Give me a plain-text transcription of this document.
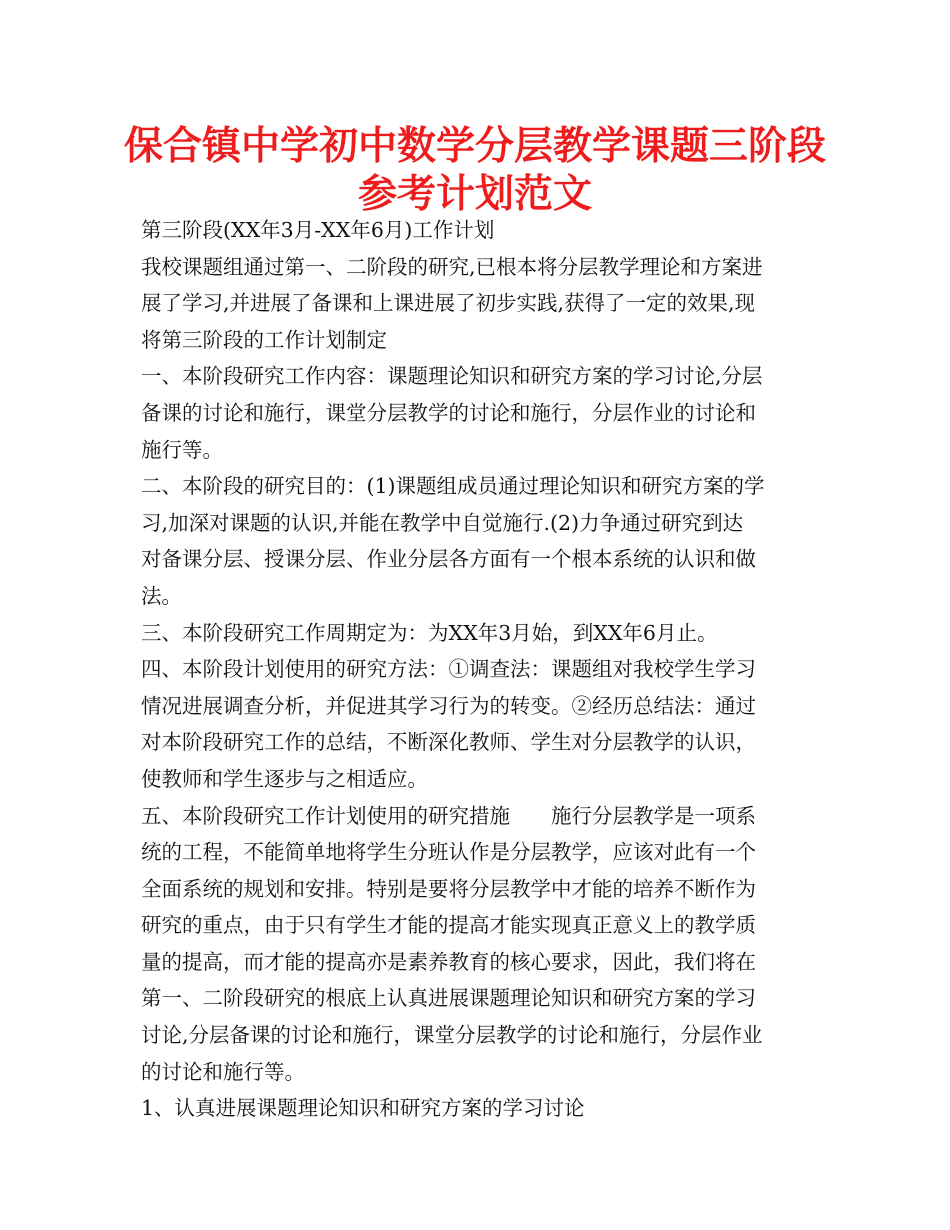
保合镇中学初中数学分层教学课题三阶段
参考计划范文
第三阶段(XX年3月-XX年6月)工作计划
我校课题组通过第一、二阶段的研究,已根本将分层教学理论和方案进
展了学习,并进展了备课和上课进展了初步实践,获得了一定的效果,现
将第三阶段的工作计划制定
一、本阶段研究工作内容：课题理论知识和研究方案的学习讨论,分层
备课的讨论和施行，课堂分层教学的讨论和施行，分层作业的讨论和
施行等。
二、本阶段的研究目的：(1)课题组成员通过理论知识和研究方案的学
习,加深对课题的认识,并能在教学中自觉施行.(2)力争通过研究到达
对备课分层、授课分层、作业分层各方面有一个根本系统的认识和做
法。
三、本阶段研究工作周期定为：为XX年3月始，到XX年6月止。
四、本阶段计划使用的研究方法：①调查法：课题组对我校学生学习
情况进展调查分析，并促进其学习行为的转变。②经历总结法：通过
对本阶段研究工作的总结，不断深化教师、学生对分层教学的认识，
使教师和学生逐步与之相适应。
五、本阶段研究工作计划使用的研究措施　　施行分层教学是一项系
统的工程，不能简单地将学生分班认作是分层教学，应该对此有一个
全面系统的规划和安排。特别是要将分层教学中才能的培养不断作为
研究的重点，由于只有学生才能的提高才能实现真正意义上的教学质
量的提高，而才能的提高亦是素养教育的核心要求，因此，我们将在
第一、二阶段研究的根底上认真进展课题理论知识和研究方案的学习
讨论,分层备课的讨论和施行，课堂分层教学的讨论和施行，分层作业
的讨论和施行等。
1、认真进展课题理论知识和研究方案的学习讨论
